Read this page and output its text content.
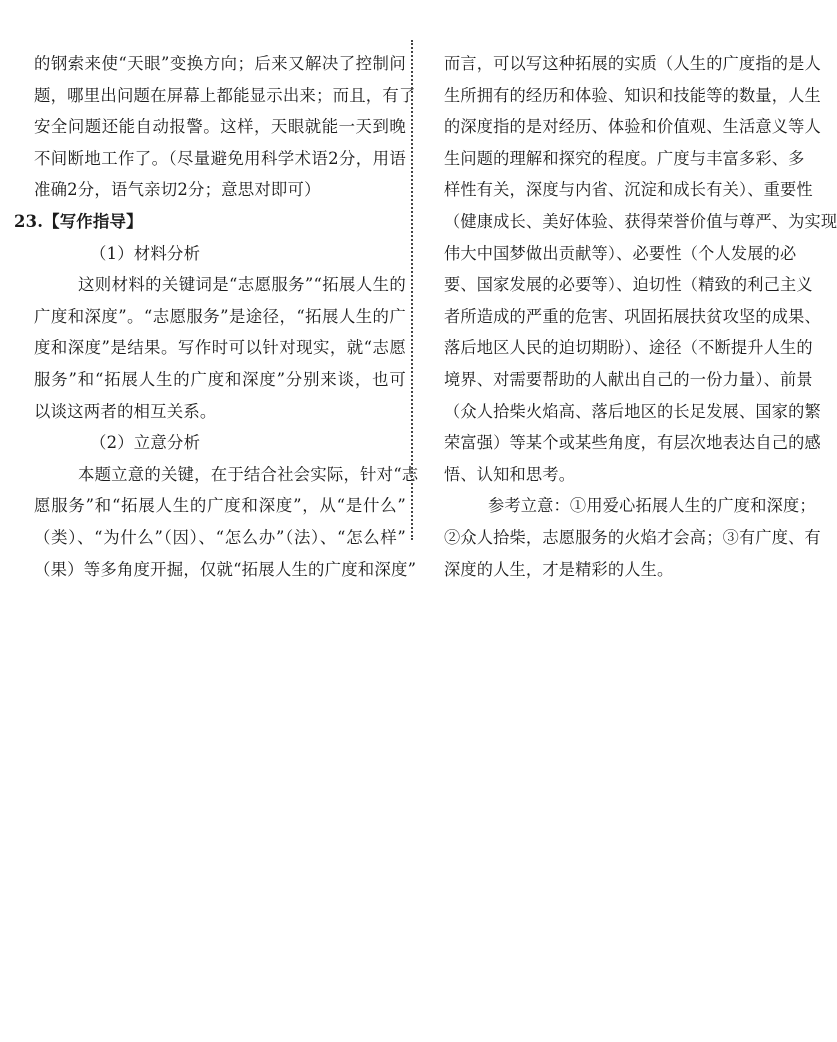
的钢索来使“天眼”变换方向；后来又解决了控制问
题，哪里出问题在屏幕上都能显示出来；而且，有了
安全问题还能自动报警。这样，天眼就能一天到晚
不间断地工作了。（尽量避免用科学术语2分，用语
准确2分，语气亲切2分；意思对即可）
23.【写作指导】
（1）材料分析
这则材料的关键词是“志愿服务”“拓展人生的
广度和深度”。“志愿服务”是途径，“拓展人生的广
度和深度”是结果。写作时可以针对现实，就“志愿
服务”和“拓展人生的广度和深度”分别来谈，也可
以谈这两者的相互关系。
（2）立意分析
本题立意的关键，在于结合社会实际，针对“志
愿服务”和“拓展人生的广度和深度”，从“是什么”
（类）、“为什么”（因）、“怎么办”（法）、“怎么样”
（果）等多角度开掘，仅就“拓展人生的广度和深度”
而言，可以写这种拓展的实质（人生的广度指的是人
生所拥有的经历和体验、知识和技能等的数量，人生
的深度指的是对经历、体验和价值观、生活意义等人
生问题的理解和探究的程度。广度与丰富多彩、多
样性有关，深度与内省、沉淀和成长有关）、重要性
（健康成长、美好体验、获得荣誉价值与尊严、为实现
伟大中国梦做出贡献等）、必要性（个人发展的必
要、国家发展的必要等）、迫切性（精致的利己主义
者所造成的严重的危害、巩固拓展扶贫攻坚的成果、
落后地区人民的迫切期盼）、途径（不断提升人生的
境界、对需要帮助的人献出自己的一份力量）、前景
（众人拾柴火焰高、落后地区的长足发展、国家的繁
荣富强）等某个或某些角度，有层次地表达自己的感
悟、认知和思考。
参考立意：①用爱心拓展人生的广度和深度；
②众人拾柴，志愿服务的火焰才会高；③有广度、有
深度的人生，才是精彩的人生。
